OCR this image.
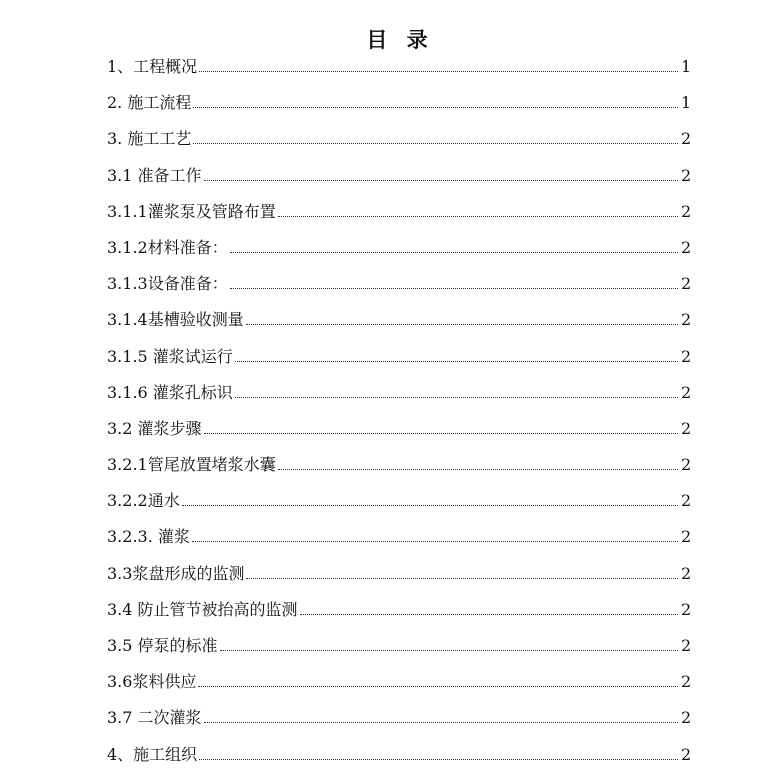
目 录
1、工程概况	1
2. 施工流程	1
3. 施工工艺	2
3.1 准备工作	2
3.1.1灌浆泵及管路布置	2
3.1.2材料准备：	2
3.1.3设备准备：	2
3.1.4基槽验收测量	2
3.1.5 灌浆试运行	2
3.1.6 灌浆孔标识	2
3.2 灌浆步骤	2
3.2.1管尾放置堵浆水囊	2
3.2.2通水	2
3.2.3. 灌浆	2
3.3浆盘形成的监测	2
3.4 防止管节被抬高的监测	2
3.5 停泵的标准	2
3.6浆料供应	2
3.7 二次灌浆	2
4、施工组织	2
